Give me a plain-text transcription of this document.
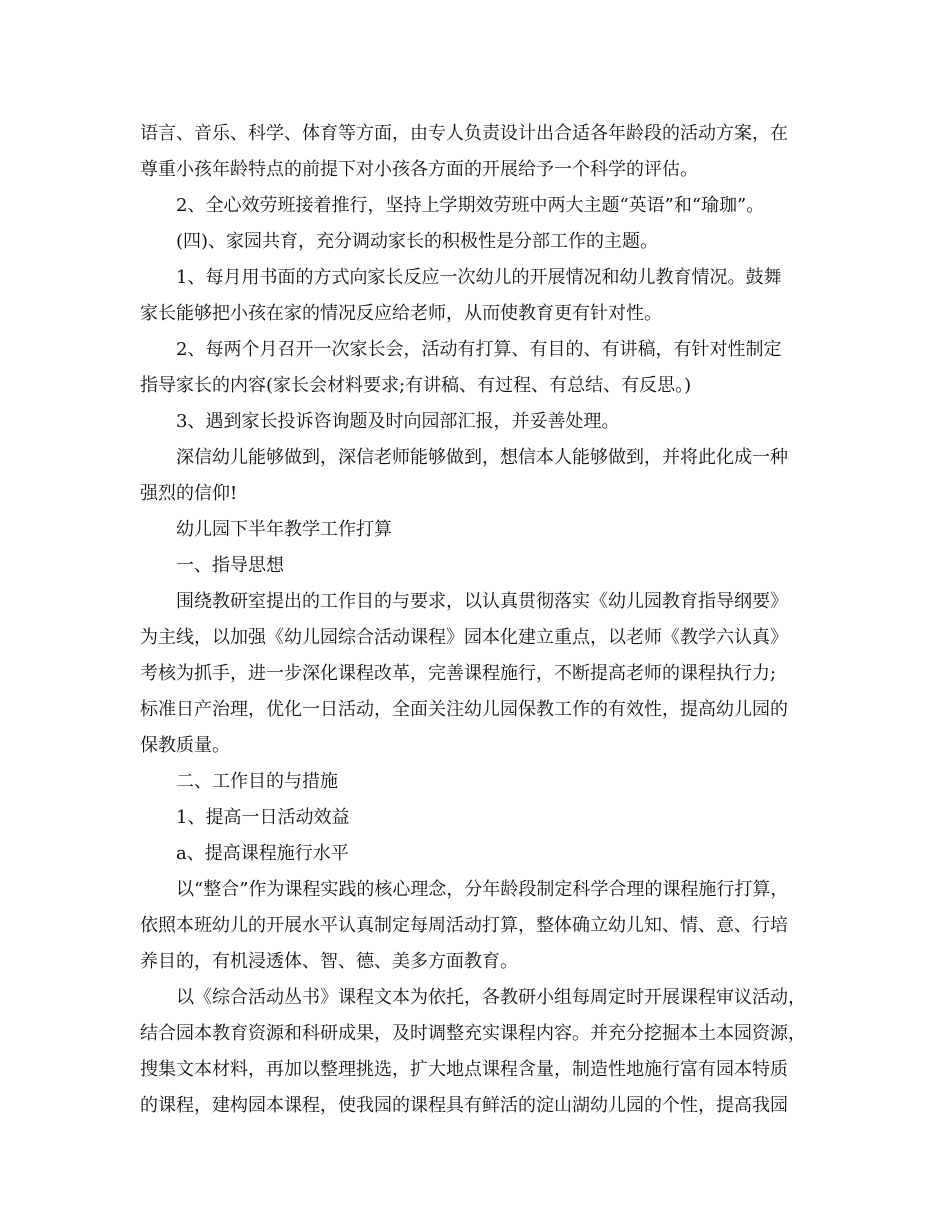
语言、音乐、科学、体育等方面，由专人负责设计出合适各年龄段的活动方案，在
尊重小孩年龄特点的前提下对小孩各方面的开展给予一个科学的评估。
2、全心效劳班接着推行，坚持上学期效劳班中两大主题“英语”和“瑜珈”。
(四)、家园共育，充分调动家长的积极性是分部工作的主题。
1、每月用书面的方式向家长反应一次幼儿的开展情况和幼儿教育情况。鼓舞
家长能够把小孩在家的情况反应给老师，从而使教育更有针对性。
2、每两个月召开一次家长会，活动有打算、有目的、有讲稿，有针对性制定
指导家长的内容(家长会材料要求;有讲稿、有过程、有总结、有反思。)
3、遇到家长投诉咨询题及时向园部汇报，并妥善处理。
深信幼儿能够做到，深信老师能够做到，想信本人能够做到，并将此化成一种
强烈的信仰!
幼儿园下半年教学工作打算
一、指导思想
围绕教研室提出的工作目的与要求，以认真贯彻落实《幼儿园教育指导纲要》
为主线，以加强《幼儿园综合活动课程》园本化建立重点，以老师《教学六认真》
考核为抓手，进一步深化课程改革，完善课程施行，不断提高老师的课程执行力;
标准日产治理，优化一日活动，全面关注幼儿园保教工作的有效性，提高幼儿园的
保教质量。
二、工作目的与措施
1、提高一日活动效益
a、提高课程施行水平
以“整合”作为课程实践的核心理念，分年龄段制定科学合理的课程施行打算，
依照本班幼儿的开展水平认真制定每周活动打算，整体确立幼儿知、情、意、行培
养目的，有机浸透体、智、德、美多方面教育。
以《综合活动丛书》课程文本为依托，各教研小组每周定时开展课程审议活动，
结合园本教育资源和科研成果，及时调整充实课程内容。并充分挖掘本土本园资源，
搜集文本材料，再加以整理挑选，扩大地点课程含量，制造性地施行富有园本特质
的课程，建构园本课程，使我园的课程具有鲜活的淀山湖幼儿园的个性，提高我园
